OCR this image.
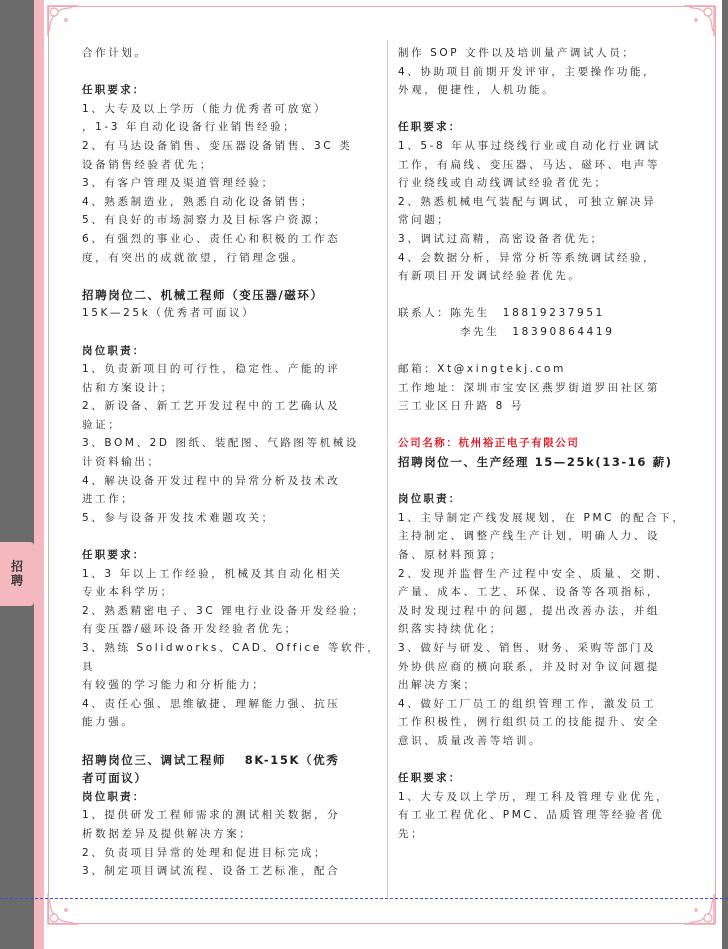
招聘
合作计划。
任职要求：
1、大专及以上学历（能力优秀者可放宽）
，1-3 年自动化设备行业销售经验；
2、有马达设备销售、变压器设备销售、3C 类
设备销售经验者优先；
3、有客户管理及渠道管理经验；
4、熟悉制造业，熟悉自动化设备销售；
5、有良好的市场洞察力及目标客户资源；
6、有强烈的事业心、责任心和积极的工作态
度，有突出的成就欲望，行销理念强。
招聘岗位二、机械工程师（变压器/磁环）
15K—25k（优秀者可面议）
岗位职责：
1、负责新项目的可行性，稳定性、产能的评
估和方案设计；
2、新设备、新工艺开发过程中的工艺确认及
验证；
3、BOM、2D 图纸、装配图、气路图等机械设
计资料输出；
4、解决设备开发过程中的异常分析及技术改
进工作；
5、参与设备开发技术难题攻关；
任职要求：
1、3 年以上工作经验，机械及其自动化相关
专业本科学历；
2、熟悉精密电子、3C 锂电行业设备开发经验；
有变压器/磁环设备开发经验者优先；
3、熟练 Solidworks、CAD、Office 等软件，具
有较强的学习能力和分析能力；
4、责任心强、思维敏捷、理解能力强、抗压
能力强。
招聘岗位三、调试工程师　 8K-15K（优秀
者可面议）
岗位职责：
1、提供研发工程师需求的测试相关数据，分
析数据差异及提供解决方案；
2、负责项目异常的处理和促进目标完成；
3、制定项目调试流程、设备工艺标准，配合
制作 SOP 文件以及培训量产调试人员；
4、协助项目前期开发评审，主要操作功能，
外观，便捷性，人机功能。
任职要求：
1、5-8 年从事过绕线行业或自动化行业调试
工作，有扁线、变压器、马达、磁环、电声等
行业绕线或自动线调试经验者优先；
2、熟悉机械电气装配与调试，可独立解决异
常问题；
3、调试过高精，高密设备者优先；
4、会数据分析，异常分析等系统调试经验，
有新项目开发调试经验者优先。
联系人：陈先生　18819237951
李先生　18390864419
邮箱：Xt@xingtekj.com
工作地址：深圳市宝安区燕罗街道罗田社区第
三工业区日升路 8 号
公司名称：杭州裕正电子有限公司
招聘岗位一、生产经理 15—25k(13-16 薪)
岗位职责：
1、主导制定产线发展规划，在 PMC 的配合下，
主持制定、调整产线生产计划，明确人力、设
备、原材料预算；
2、发现并监督生产过程中安全、质量、交期、
产量、成本、工艺、环保、设备等各项指标，
及时发现过程中的问题，提出改善办法，并组
织落实持续优化；
3、做好与研发、销售、财务、采购等部门及
外协供应商的横向联系，并及时对争议问题提
出解决方案；
4、做好工厂员工的组织管理工作，激发员工
工作积极性，例行组织员工的技能提升、安全
意识、质量改善等培训。
任职要求：
1、大专及以上学历，理工科及管理专业优先，
有工业工程优化、PMC、品质管理等经验者优
先；
